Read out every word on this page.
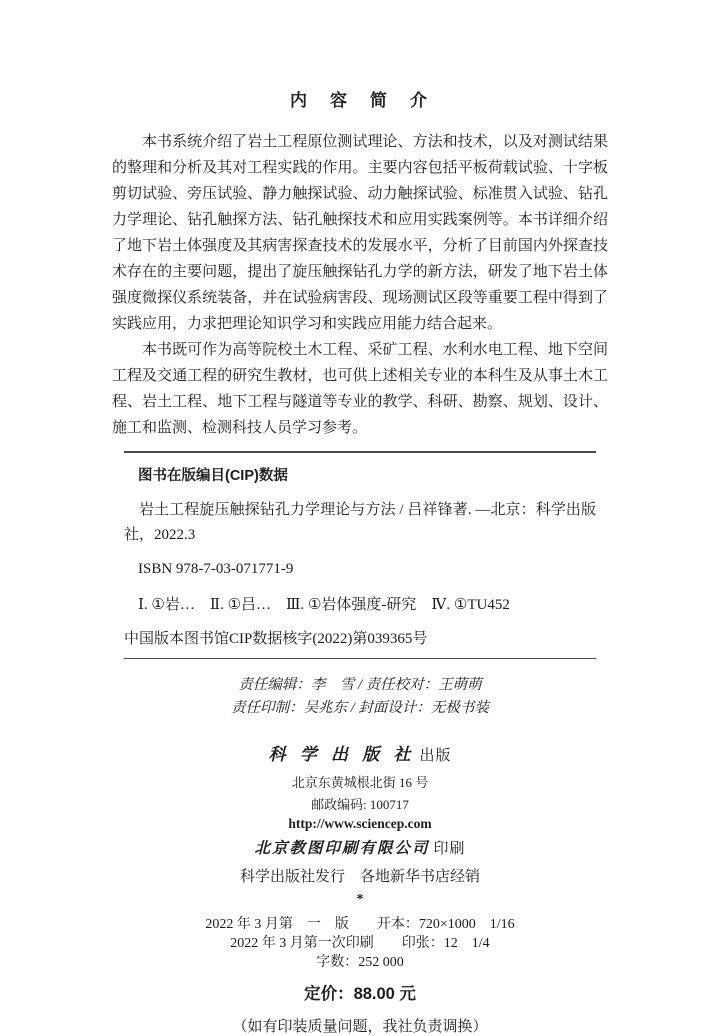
内　容　简　介

本书系统介绍了岩土工程原位测试理论、方法和技术，以及对测试结果的整理和分析及其对工程实践的作用。主要内容包括平板荷载试验、十字板剪切试验、旁压试验、静力触探试验、动力触探试验、标准贯入试验、钻孔力学理论、钻孔触探方法、钻孔触探技术和应用实践案例等。本书详细介绍了地下岩土体强度及其病害探查技术的发展水平，分析了目前国内外探查技术存在的主要问题，提出了旋压触探钻孔力学的新方法，研发了地下岩土体强度微探仪系统装备，并在试验病害段、现场测试区段等重要工程中得到了实践应用，力求把理论知识学习和实践应用能力结合起来。

本书既可作为高等院校土木工程、采矿工程、水利水电工程、地下空间工程及交通工程的研究生教材，也可供上述相关专业的本科生及从事土木工程、岩土工程、地下工程与隧道等专业的教学、科研、勘察、规划、设计、施工和监测、检测科技人员学习参考。

图书在版编目(CIP)数据
岩土工程旋压触探钻孔力学理论与方法 / 吕祥锋著. —北京：科学出版社，2022.3
ISBN 978-7-03-071771-9
Ⅰ. ①岩…　Ⅱ. ①吕…　Ⅲ. ①岩体强度-研究　Ⅳ. ①TU452
中国版本图书馆CIP数据核字(2022)第039365号
责任编辑：李　雪 / 责任校对：王萌萌
责任印制：吴兆东 / 封面设计：无极书装
科 学 出 版 社 出版
北京东黄城根北街 16 号
邮政编码: 100717
http://www.sciencep.com
北京教图印刷有限公司 印刷
科学出版社发行　各地新华书店经销
*
2022 年 3 月第　一　版　　开本：720×1000　1/16
2022 年 3 月第一次印刷　　印张：12　1/4
字数：252 000
定价：88.00 元
（如有印装质量问题，我社负责调换）
